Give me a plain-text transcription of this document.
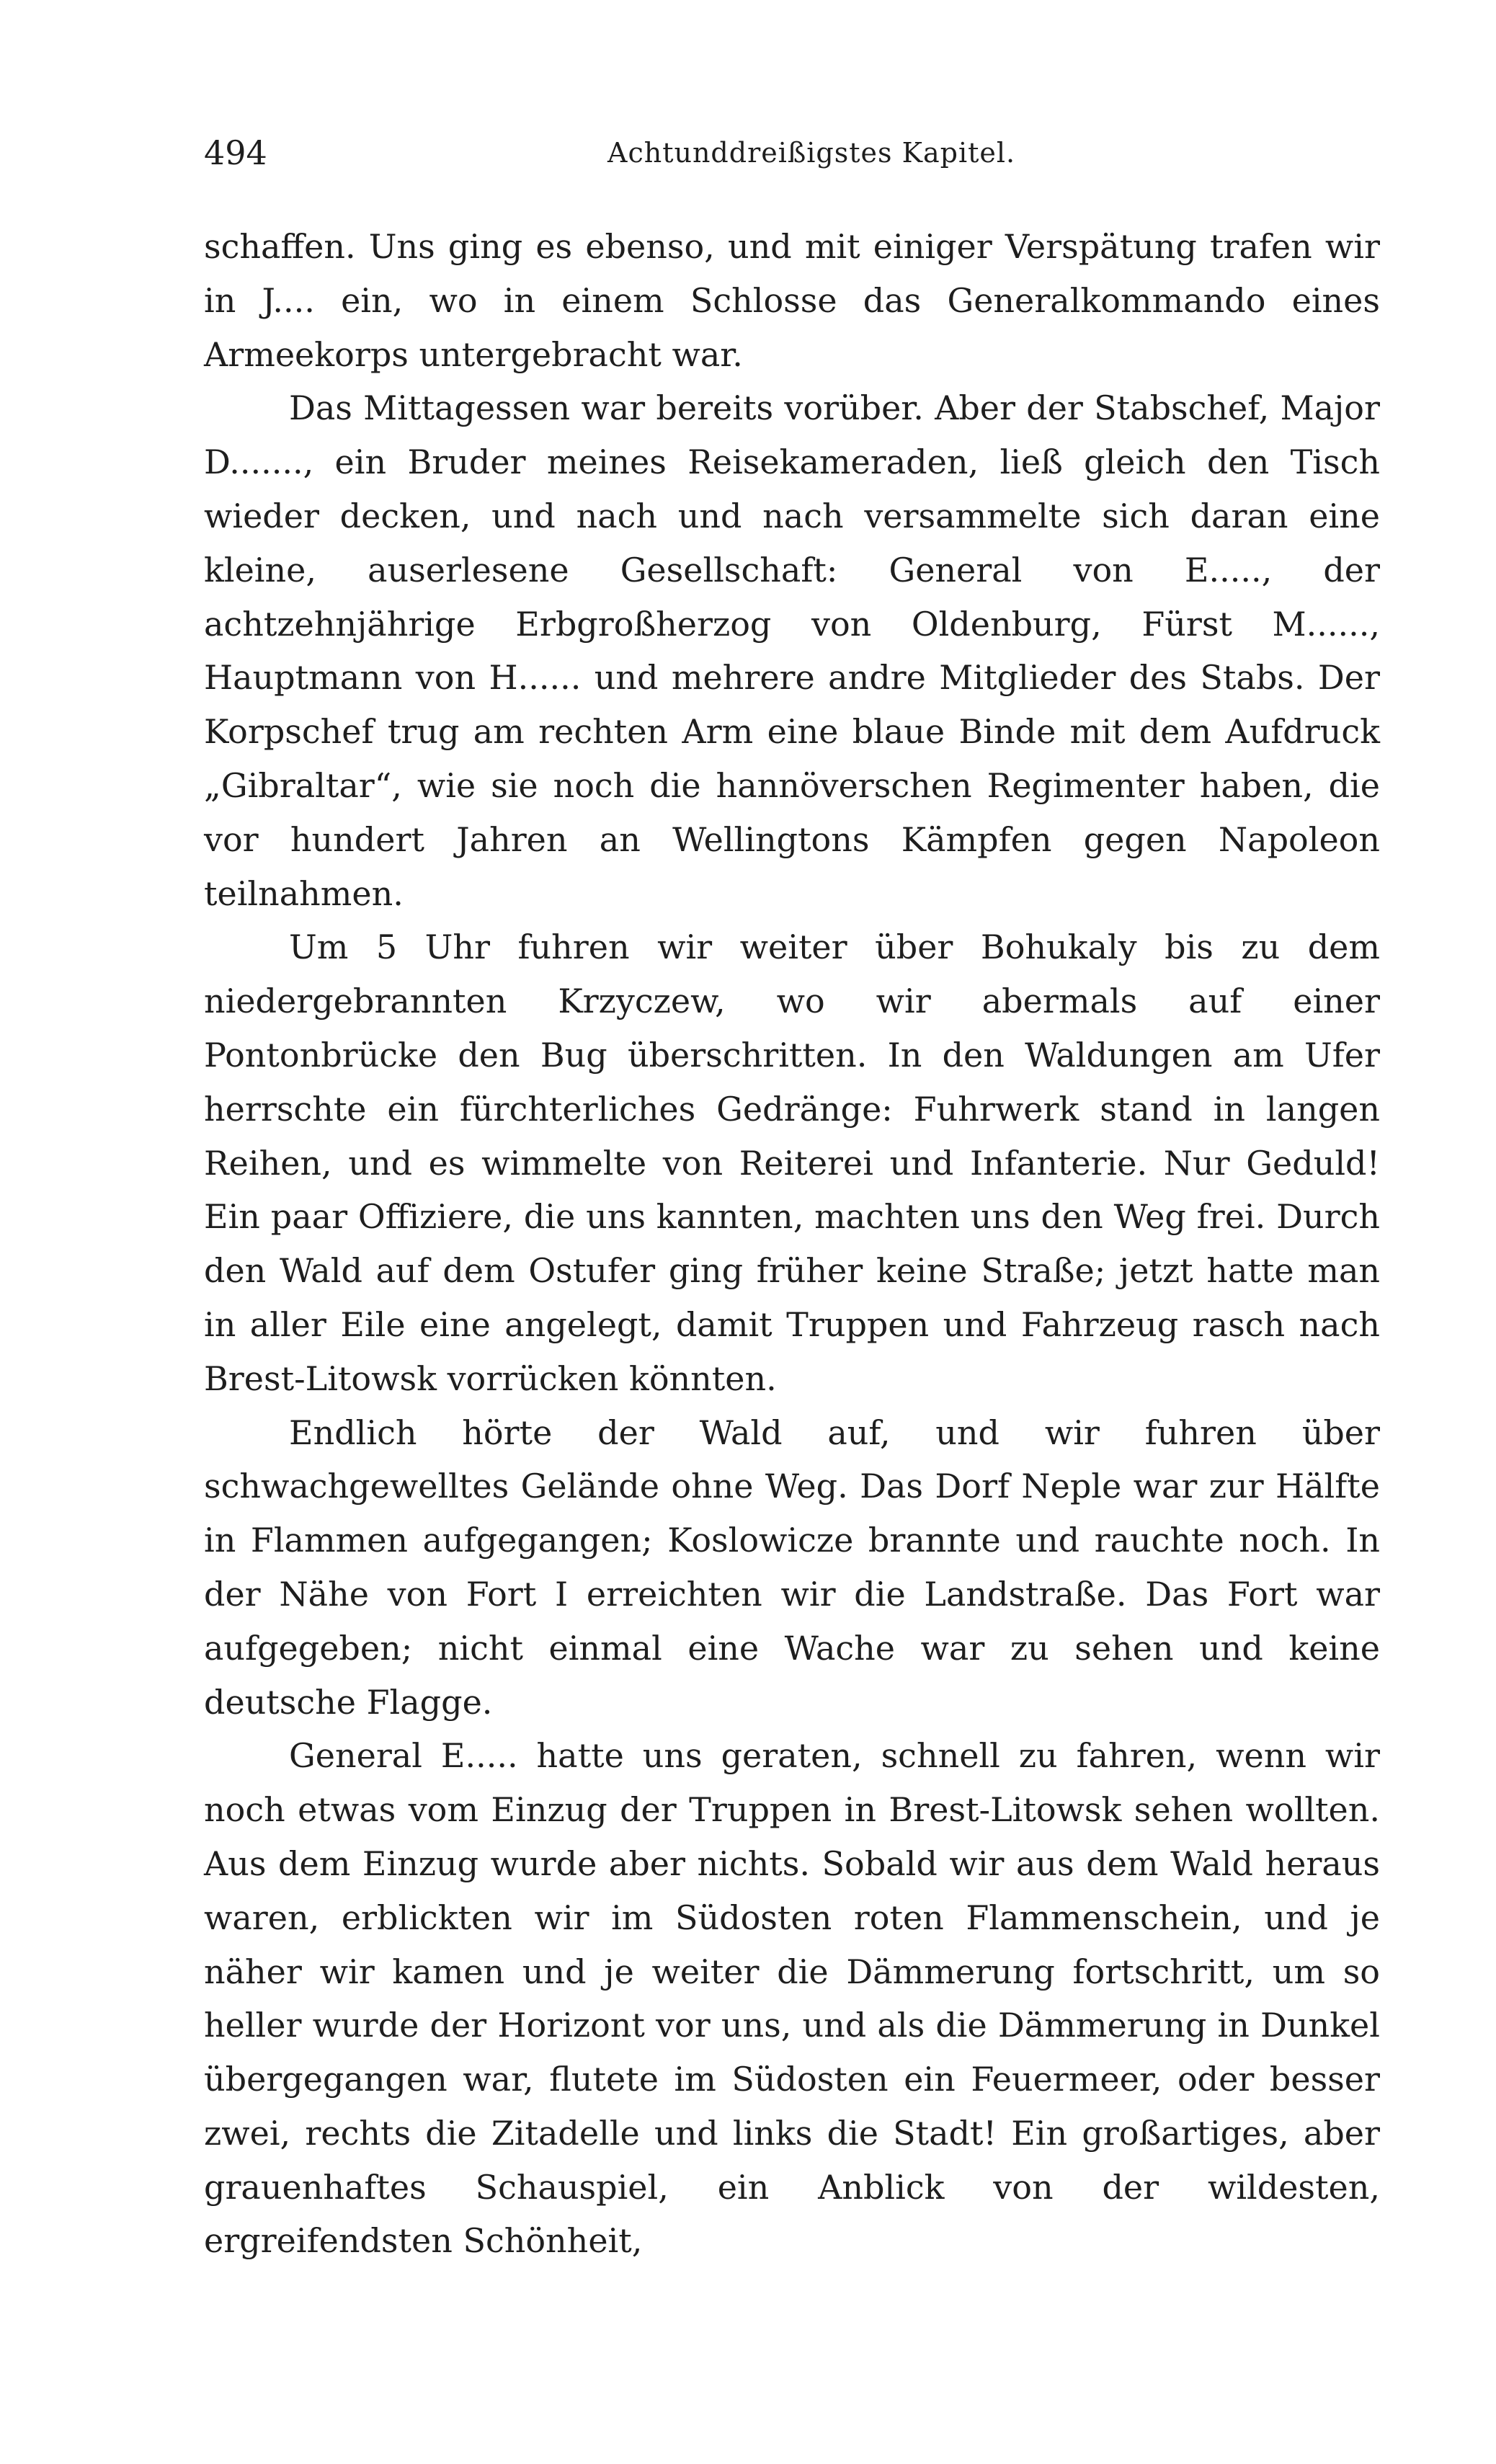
494	Achtunddreißigstes Kapitel.

schaffen. Uns ging es ebenso, und mit einiger Verspätung trafen wir in J.... ein, wo in einem Schlosse das Generalkommando eines Armeekorps untergebracht war.

Das Mittagessen war bereits vorüber. Aber der Stabschef, Major D......., ein Bruder meines Reisekameraden, ließ gleich den Tisch wieder decken, und nach und nach versammelte sich daran eine kleine, auserlesene Gesellschaft: General von E....., der achtzehnjährige Erbgroßherzog von Oldenburg, Fürst M......, Hauptmann von H...... und mehrere andre Mitglieder des Stabs. Der Korpschef trug am rechten Arm eine blaue Binde mit dem Aufdruck „Gibraltar“, wie sie noch die hannöverschen Regimenter haben, die vor hundert Jahren an Wellingtons Kämpfen gegen Napoleon teilnahmen.

Um 5 Uhr fuhren wir weiter über Bohukaly bis zu dem niedergebrannten Krzyczew, wo wir abermals auf einer Pontonbrücke den Bug überschritten. In den Waldungen am Ufer herrschte ein fürchterliches Gedränge: Fuhrwerk stand in langen Reihen, und es wimmelte von Reiterei und Infanterie. Nur Geduld! Ein paar Offiziere, die uns kannten, machten uns den Weg frei. Durch den Wald auf dem Ostufer ging früher keine Straße; jetzt hatte man in aller Eile eine angelegt, damit Truppen und Fahrzeug rasch nach Brest-Litowsk vorrücken könnten.

Endlich hörte der Wald auf, und wir fuhren über schwachgewelltes Gelände ohne Weg. Das Dorf Neple war zur Hälfte in Flammen aufgegangen; Koslowicze brannte und rauchte noch. In der Nähe von Fort I erreichten wir die Landstraße. Das Fort war aufgegeben; nicht einmal eine Wache war zu sehen und keine deutsche Flagge.

General E..... hatte uns geraten, schnell zu fahren, wenn wir noch etwas vom Einzug der Truppen in Brest-Litowsk sehen wollten. Aus dem Einzug wurde aber nichts. Sobald wir aus dem Wald heraus waren, erblickten wir im Südosten roten Flammenschein, und je näher wir kamen und je weiter die Dämmerung fortschritt, um so heller wurde der Horizont vor uns, und als die Dämmerung in Dunkel übergegangen war, flutete im Südosten ein Feuermeer, oder besser zwei, rechts die Zitadelle und links die Stadt! Ein großartiges, aber grauenhaftes Schauspiel, ein Anblick von der wildesten, ergreifendsten Schönheit,
